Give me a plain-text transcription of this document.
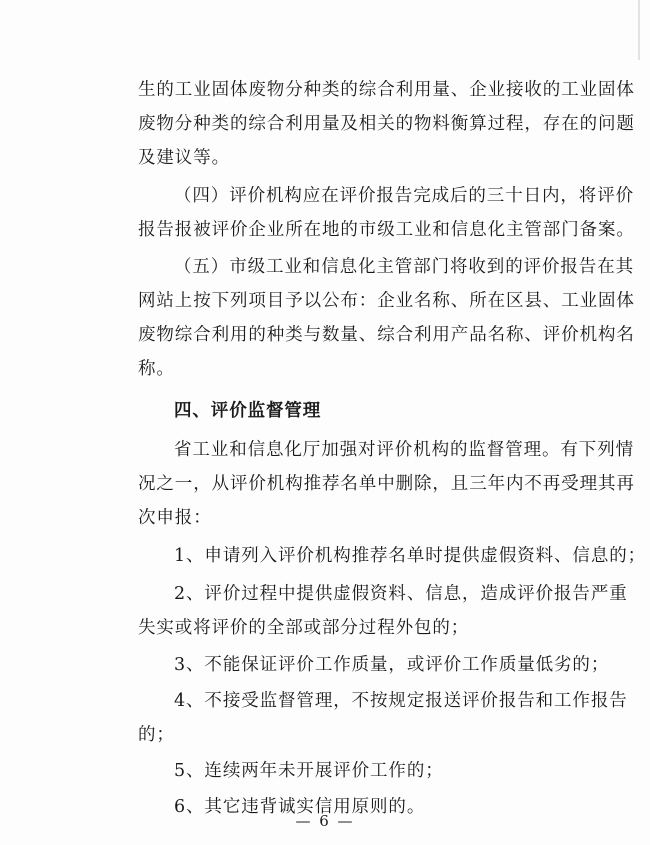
生的工业固体废物分种类的综合利用量、企业接收的工业固体
废物分种类的综合利用量及相关的物料衡算过程，存在的问题
及建议等。
（四）评价机构应在评价报告完成后的三十日内，将评价
报告报被评价企业所在地的市级工业和信息化主管部门备案。
（五）市级工业和信息化主管部门将收到的评价报告在其
网站上按下列项目予以公布：企业名称、所在区县、工业固体
废物综合利用的种类与数量、综合利用产品名称、评价机构名
称。
四、评价监督管理
省工业和信息化厅加强对评价机构的监督管理。有下列情
况之一，从评价机构推荐名单中删除，且三年内不再受理其再
次申报：
1、申请列入评价机构推荐名单时提供虚假资料、信息的；
2、评价过程中提供虚假资料、信息，造成评价报告严重
失实或将评价的全部或部分过程外包的；
3、不能保证评价工作质量，或评价工作质量低劣的；
4、不接受监督管理，不按规定报送评价报告和工作报告
的；
5、连续两年未开展评价工作的；
6、其它违背诚实信用原则的。
— 6 —
